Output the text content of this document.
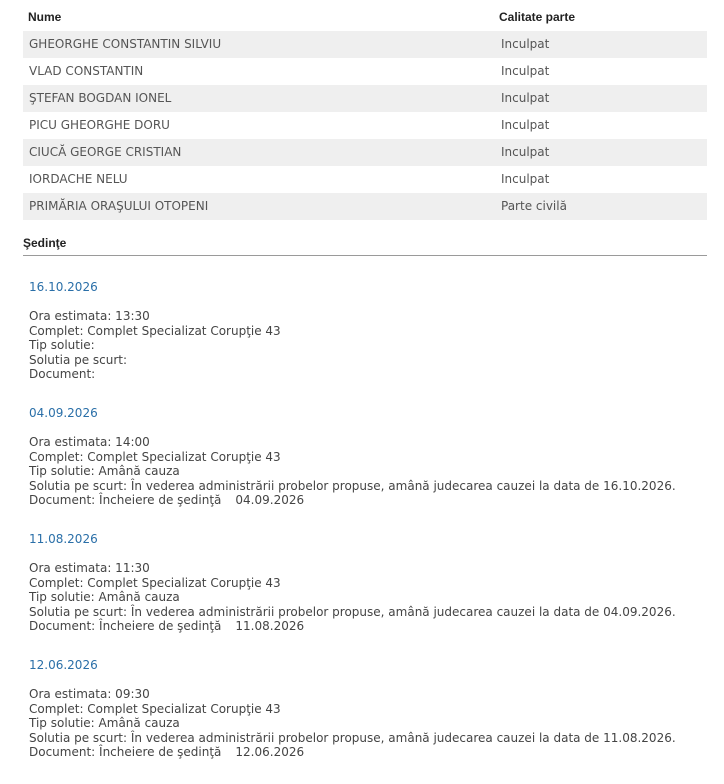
Nume	Calitate parte
GHEORGHE CONSTANTIN SILVIU	Inculpat
VLAD CONSTANTIN	Inculpat
ŞTEFAN BOGDAN IONEL	Inculpat
PICU GHEORGHE DORU	Inculpat
CIUCĂ GEORGE CRISTIAN	Inculpat
IORDACHE NELU	Inculpat
PRIMĂRIA ORAŞULUI OTOPENI	Parte civilă
Şedinţe
16.10.2026
Ora estimata: 13:30
Complet: Complet Specializat Corupţie 43
Tip solutie:
Solutia pe scurt:
Document:
04.09.2026
Ora estimata: 14:00
Complet: Complet Specializat Corupţie 43
Tip solutie: Amână cauza
Solutia pe scurt: În vederea administrării probelor propuse, amână judecarea cauzei la data de 16.10.2026.
Document: Încheiere de şedinţă 04.09.2026
11.08.2026
Ora estimata: 11:30
Complet: Complet Specializat Corupţie 43
Tip solutie: Amână cauza
Solutia pe scurt: În vederea administrării probelor propuse, amână judecarea cauzei la data de 04.09.2026.
Document: Încheiere de şedinţă 11.08.2026
12.06.2026
Ora estimata: 09:30
Complet: Complet Specializat Corupţie 43
Tip solutie: Amână cauza
Solutia pe scurt: În vederea administrării probelor propuse, amână judecarea cauzei la data de 11.08.2026.
Document: Încheiere de şedinţă 12.06.2026
